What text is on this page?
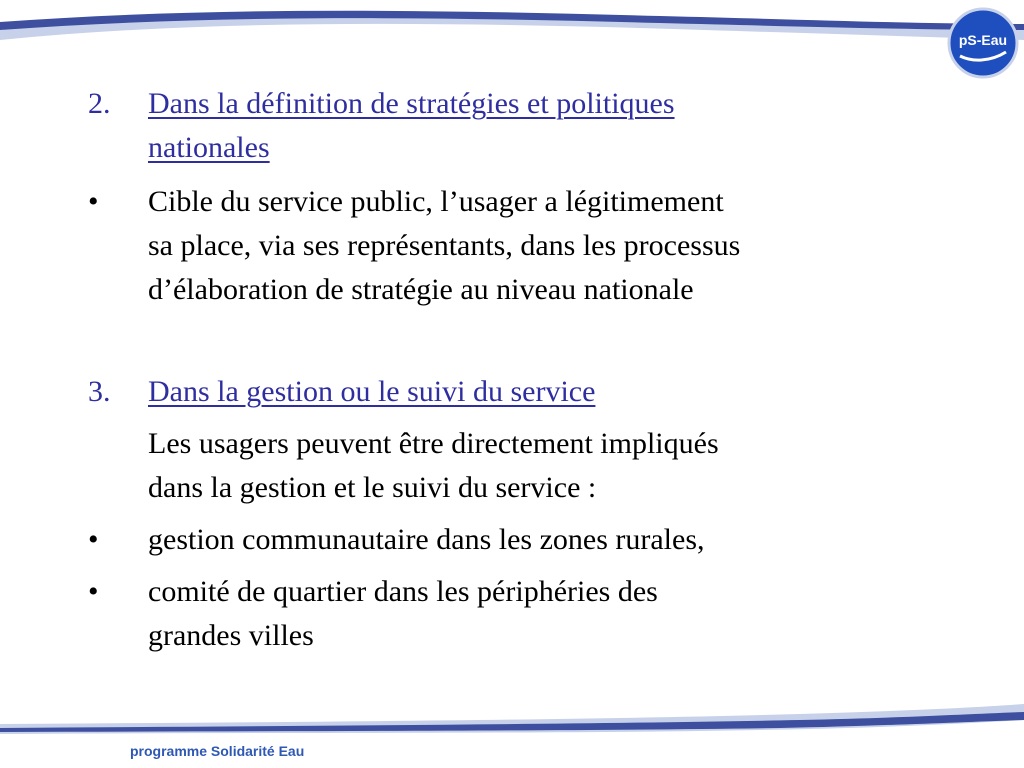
pS-Eau
2.	Dans la définition de stratégies et politiques
nationales
•	Cible du service public, l’usager a légitimement
sa place, via ses représentants, dans les processus
d’élaboration de stratégie au niveau nationale
3.	Dans la gestion ou le suivi du service
Les usagers peuvent être directement impliqués
dans la gestion et le suivi du service :
•	gestion communautaire dans les zones rurales,
•	comité de quartier dans les périphéries des
grandes villes
programme Solidarité Eau
